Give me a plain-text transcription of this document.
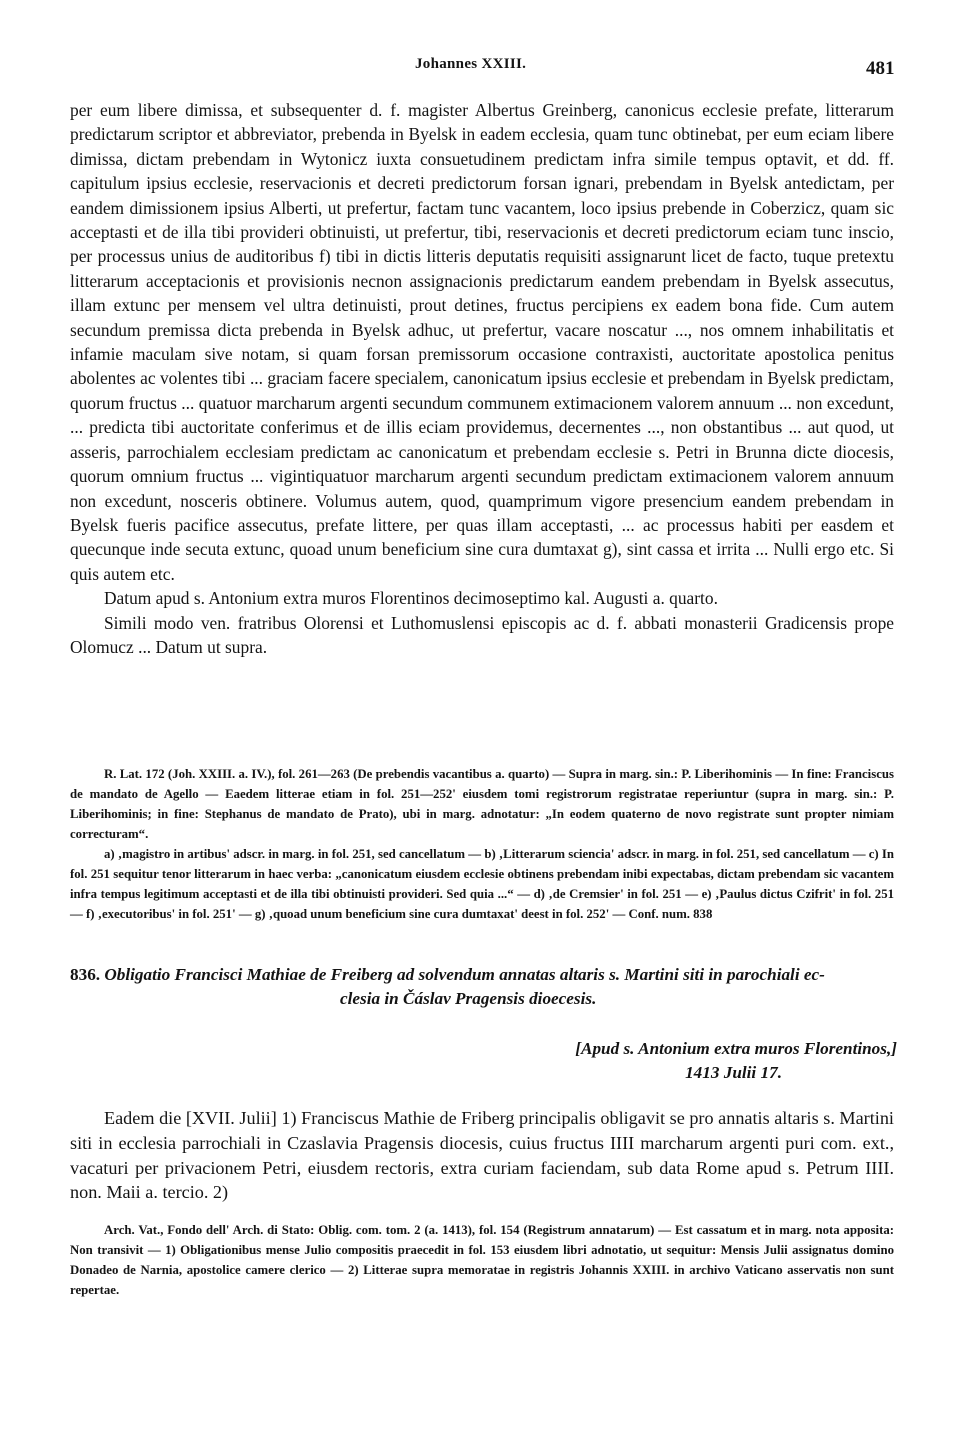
Johannes XXIII.	481

per eum libere dimissa, et subsequenter d. f. magister Albertus Greinberg, canonicus ecclesie prefate, litterarum predictarum scriptor et abbreviator, prebenda in Byelsk in eadem ecclesia, quam tunc obtinebat, per eum eciam libere dimissa, dictam prebendam in Wytonicz iuxta consuetudinem predictam infra simile tempus optavit, et dd. ff. capitulum ipsius ecclesie, reservacionis et decreti predictorum forsan ignari, prebendam in Byelsk antedictam, per eandem dimissionem ipsius Alberti, ut prefertur, factam tunc vacantem, loco ipsius prebende in Coberzicz, quam sic acceptasti et de illa tibi provideri obtinuisti, ut prefertur, tibi, reservacionis et decreti predictorum eciam tunc inscio, per processus unius de auditoribus f) tibi in dictis litteris deputatis requisiti assignarunt licet de facto, tuque pretextu litterarum acceptacionis et provisionis necnon assignacionis predictarum eandem prebendam in Byelsk assecutus, illam extunc per mensem vel ultra detinuisti, prout detines, fructus percipiens ex eadem bona fide. Cum autem secundum premissa dicta prebenda in Byelsk adhuc, ut prefertur, vacare noscatur ..., nos omnem inhabilitatis et infamie maculam sive notam, si quam forsan premissorum occasione contraxisti, auctoritate apostolica penitus abolentes ac volentes tibi ... graciam facere specialem, canonicatum ipsius ecclesie et prebendam in Byelsk predictam, quorum fructus ... quatuor marcharum argenti secundum communem extimacionem valorem annuum ... non excedunt, ... predicta tibi auctoritate conferimus et de illis eciam providemus, decernentes ..., non obstantibus ... aut quod, ut asseris, parrochialem ecclesiam predictam ac canonicatum et prebendam ecclesie s. Petri in Brunna dicte diocesis, quorum omnium fructus ... vigintiquatuor marcharum argenti secundum predictam extimacionem valorem annuum non excedunt, nosceris obtinere. Volumus autem, quod, quamprimum vigore presencium eandem prebendam in Byelsk fueris pacifice assecutus, prefate littere, per quas illam acceptasti, ... ac processus habiti per easdem et quecunque inde secuta extunc, quoad unum beneficium sine cura dumtaxat g), sint cassa et irrita ... Nulli ergo etc. Si quis autem etc.

Datum apud s. Antonium extra muros Florentinos decimoseptimo kal. Augusti a. quarto.

Simili modo ven. fratribus Olorensi et Luthomuslensi episcopis ac d. f. abbati monasterii Gradicensis prope Olomucz ... Datum ut supra.

R. Lat. 172 (Joh. XXIII. a. IV.), fol. 261—263 (De prebendis vacantibus a. quarto) — Supra in marg. sin.: P. Liberihominis — In fine: Franciscus de mandato de Agello — Eaedem litterae etiam in fol. 251—252' eiusdem tomi registrorum registratae reperiuntur (supra in marg. sin.: P. Liberihominis; in fine: Stephanus de mandato de Prato), ubi in marg. adnotatur: „In eodem quaterno de novo registrate sunt propter nimiam correcturam“.

a) ‚magistro in artibus' adscr. in marg. in fol. 251, sed cancellatum — b) ‚Litterarum sciencia' adscr. in marg. in fol. 251, sed cancellatum — c) In fol. 251 sequitur tenor litterarum in haec verba: „canonicatum eiusdem ecclesie obtinens prebendam inibi expectabas, dictam prebendam sic vacantem infra tempus legitimum acceptasti et de illa tibi obtinuisti provideri. Sed quia ...“ — d) ‚de Cremsier' in fol. 251 — e) ‚Paulus dictus Czifrit' in fol. 251 — f) ‚executoribus' in fol. 251' — g) ‚quoad unum beneficium sine cura dumtaxat' deest in fol. 252' — Conf. num. 838

836. Obligatio Francisci Mathiae de Freiberg ad solvendum annatas altaris s. Martini siti in parochiali ec-
clesia in Čáslav Pragensis dioecesis.
[Apud s. Antonium extra muros Florentinos,]
1413 Julii 17.

Eadem die [XVII. Julii] 1) Franciscus Mathie de Friberg principalis obligavit se pro annatis altaris s. Martini siti in ecclesia parrochiali in Czaslavia Pragensis diocesis, cuius fructus IIII marcharum argenti puri com. ext., vacaturi per privacionem Petri, eiusdem rectoris, extra curiam faciendam, sub data Rome apud s. Petrum IIII. non. Maii a. tercio. 2)

Arch. Vat., Fondo dell' Arch. di Stato: Oblig. com. tom. 2 (a. 1413), fol. 154 (Registrum annatarum) — Est cassatum et in marg. nota apposita: Non transivit — 1) Obligationibus mense Julio compositis praecedit in fol. 153 eiusdem libri adnotatio, ut sequitur: Mensis Julii assignatus domino Donadeo de Narnia, apostolice camere clerico — 2) Litterae supra memoratae in registris Johannis XXIII. in archivo Vaticano asservatis non sunt repertae.
